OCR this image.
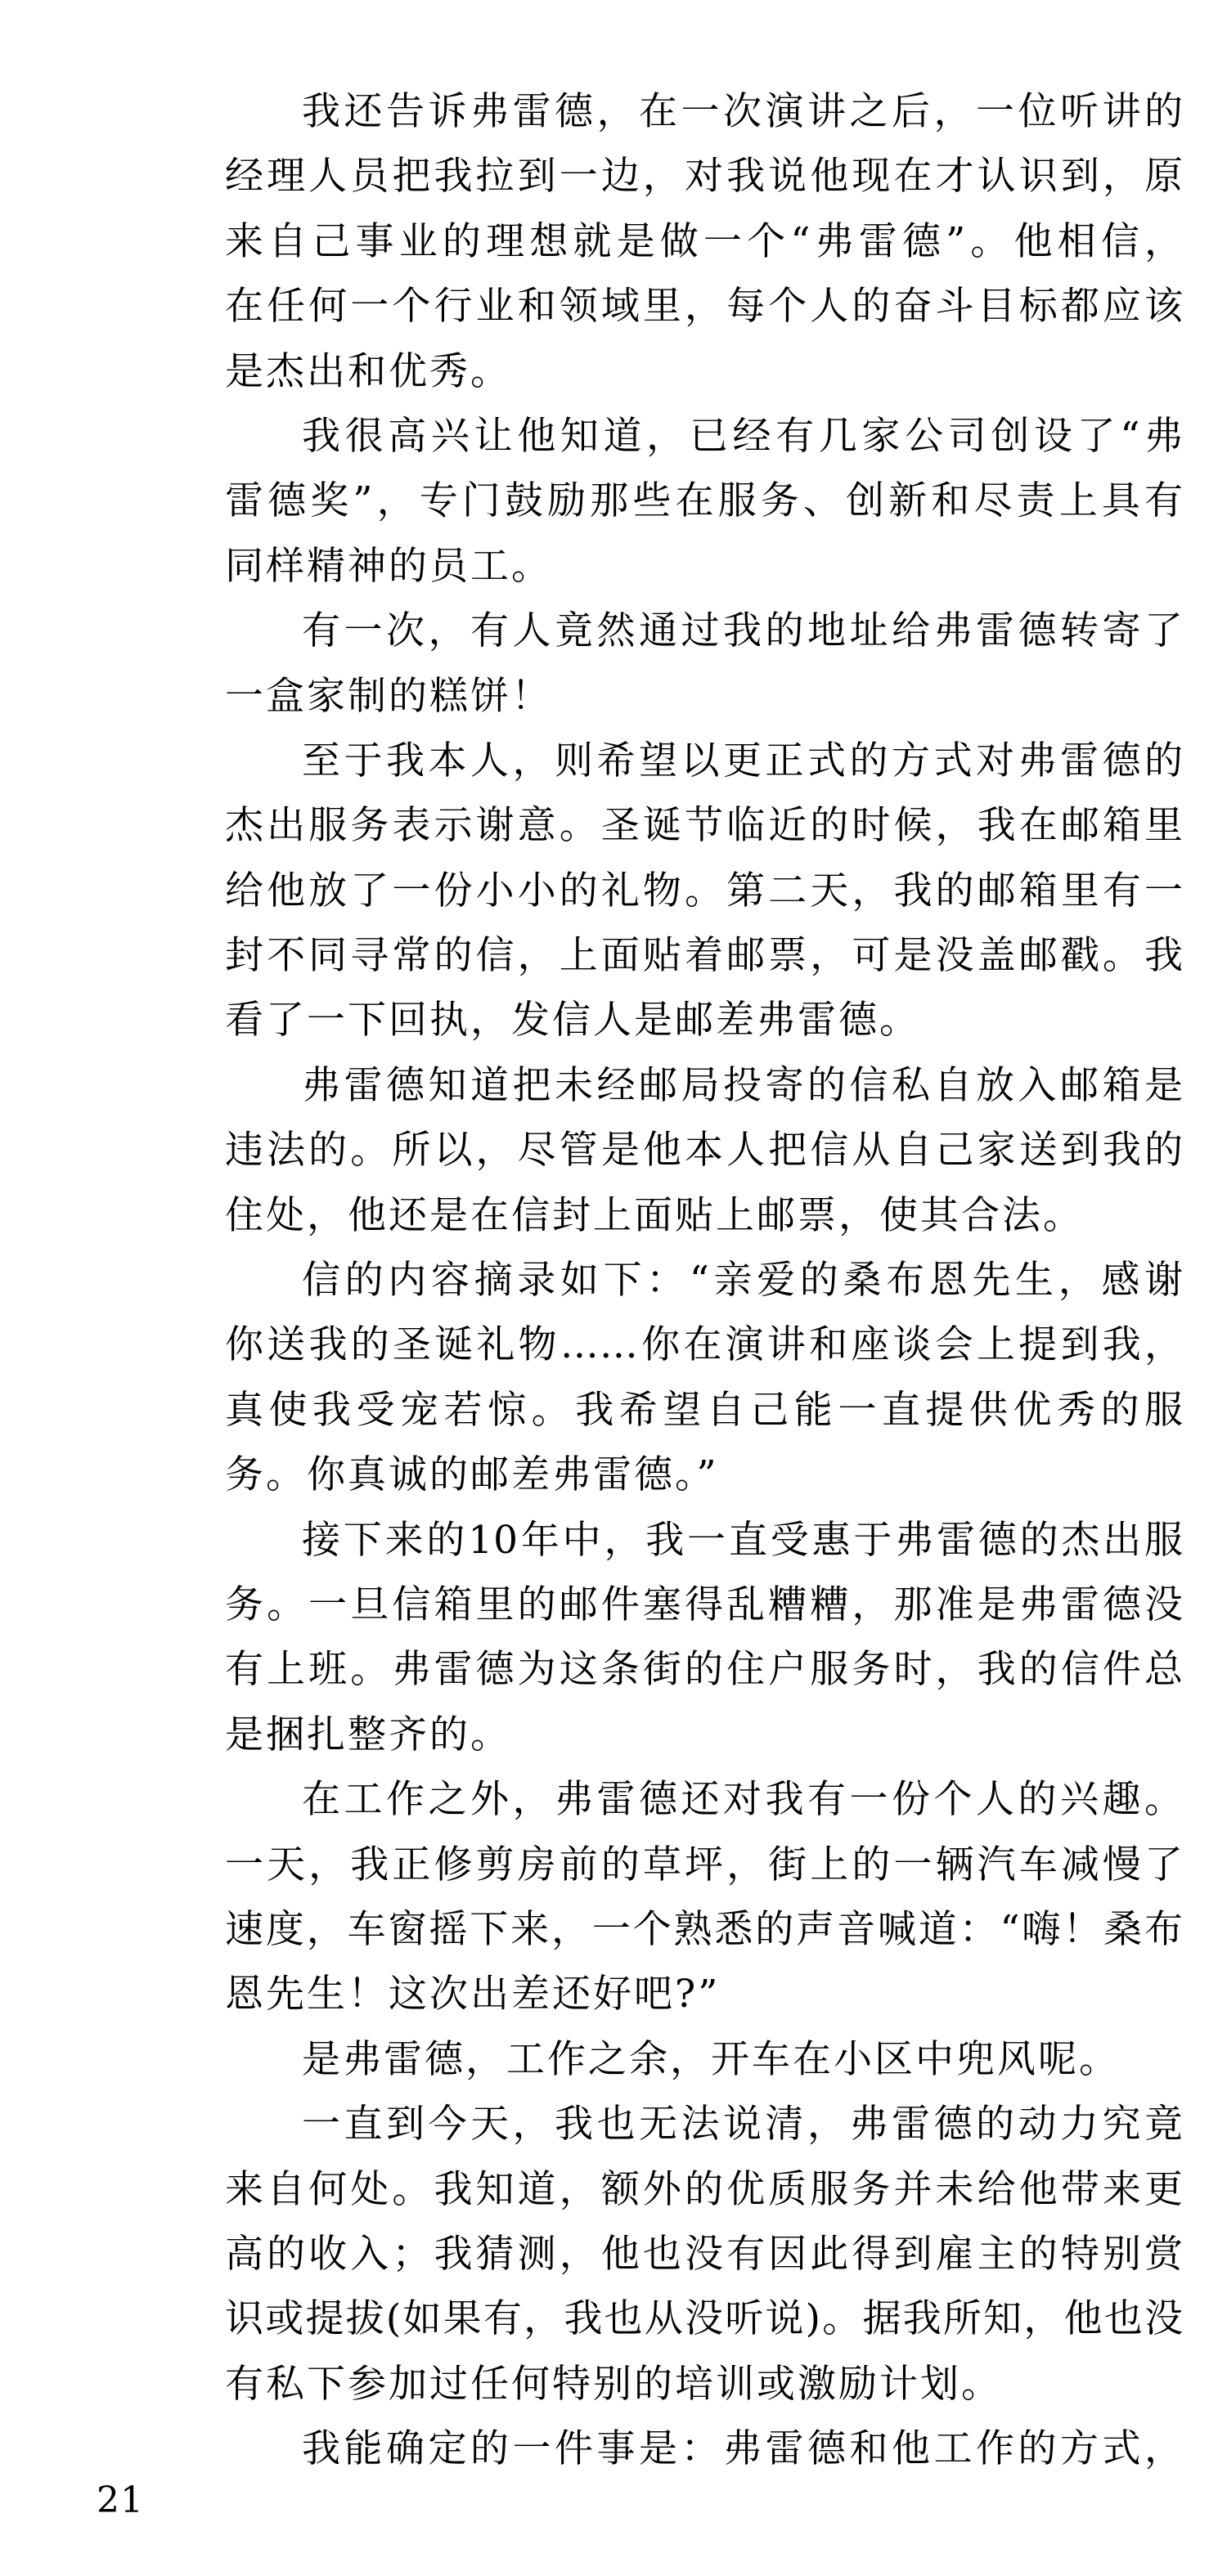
我还告诉弗雷德，在一次演讲之后，一位听讲的
经理人员把我拉到一边，对我说他现在才认识到，原
来自己事业的理想就是做一个“弗雷德”。他相信，
在任何一个行业和领域里，每个人的奋斗目标都应该
是杰出和优秀。
我很高兴让他知道，已经有几家公司创设了“弗
雷德奖”，专门鼓励那些在服务、创新和尽责上具有
同样精神的员工。
有一次，有人竟然通过我的地址给弗雷德转寄了
一盒家制的糕饼！
至于我本人，则希望以更正式的方式对弗雷德的
杰出服务表示谢意。圣诞节临近的时候，我在邮箱里
给他放了一份小小的礼物。第二天，我的邮箱里有一
封不同寻常的信，上面贴着邮票，可是没盖邮戳。我
看了一下回执，发信人是邮差弗雷德。
弗雷德知道把未经邮局投寄的信私自放入邮箱是
违法的。所以，尽管是他本人把信从自己家送到我的
住处，他还是在信封上面贴上邮票，使其合法。
信的内容摘录如下：“亲爱的桑布恩先生，感谢
你送我的圣诞礼物……你在演讲和座谈会上提到我，
真使我受宠若惊。我希望自己能一直提供优秀的服
务。你真诚的邮差弗雷德。”
接下来的10年中，我一直受惠于弗雷德的杰出服
务。一旦信箱里的邮件塞得乱糟糟，那准是弗雷德没
有上班。弗雷德为这条街的住户服务时，我的信件总
是捆扎整齐的。
在工作之外，弗雷德还对我有一份个人的兴趣。
一天，我正修剪房前的草坪，街上的一辆汽车减慢了
速度，车窗摇下来，一个熟悉的声音喊道：“嗨！桑布
恩先生！这次出差还好吧?”
是弗雷德，工作之余，开车在小区中兜风呢。
一直到今天，我也无法说清，弗雷德的动力究竟
来自何处。我知道，额外的优质服务并未给他带来更
高的收入；我猜测，他也没有因此得到雇主的特别赏
识或提拔(如果有，我也从没听说)。据我所知，他也没
有私下参加过任何特别的培训或激励计划。
我能确定的一件事是：弗雷德和他工作的方式，
21
